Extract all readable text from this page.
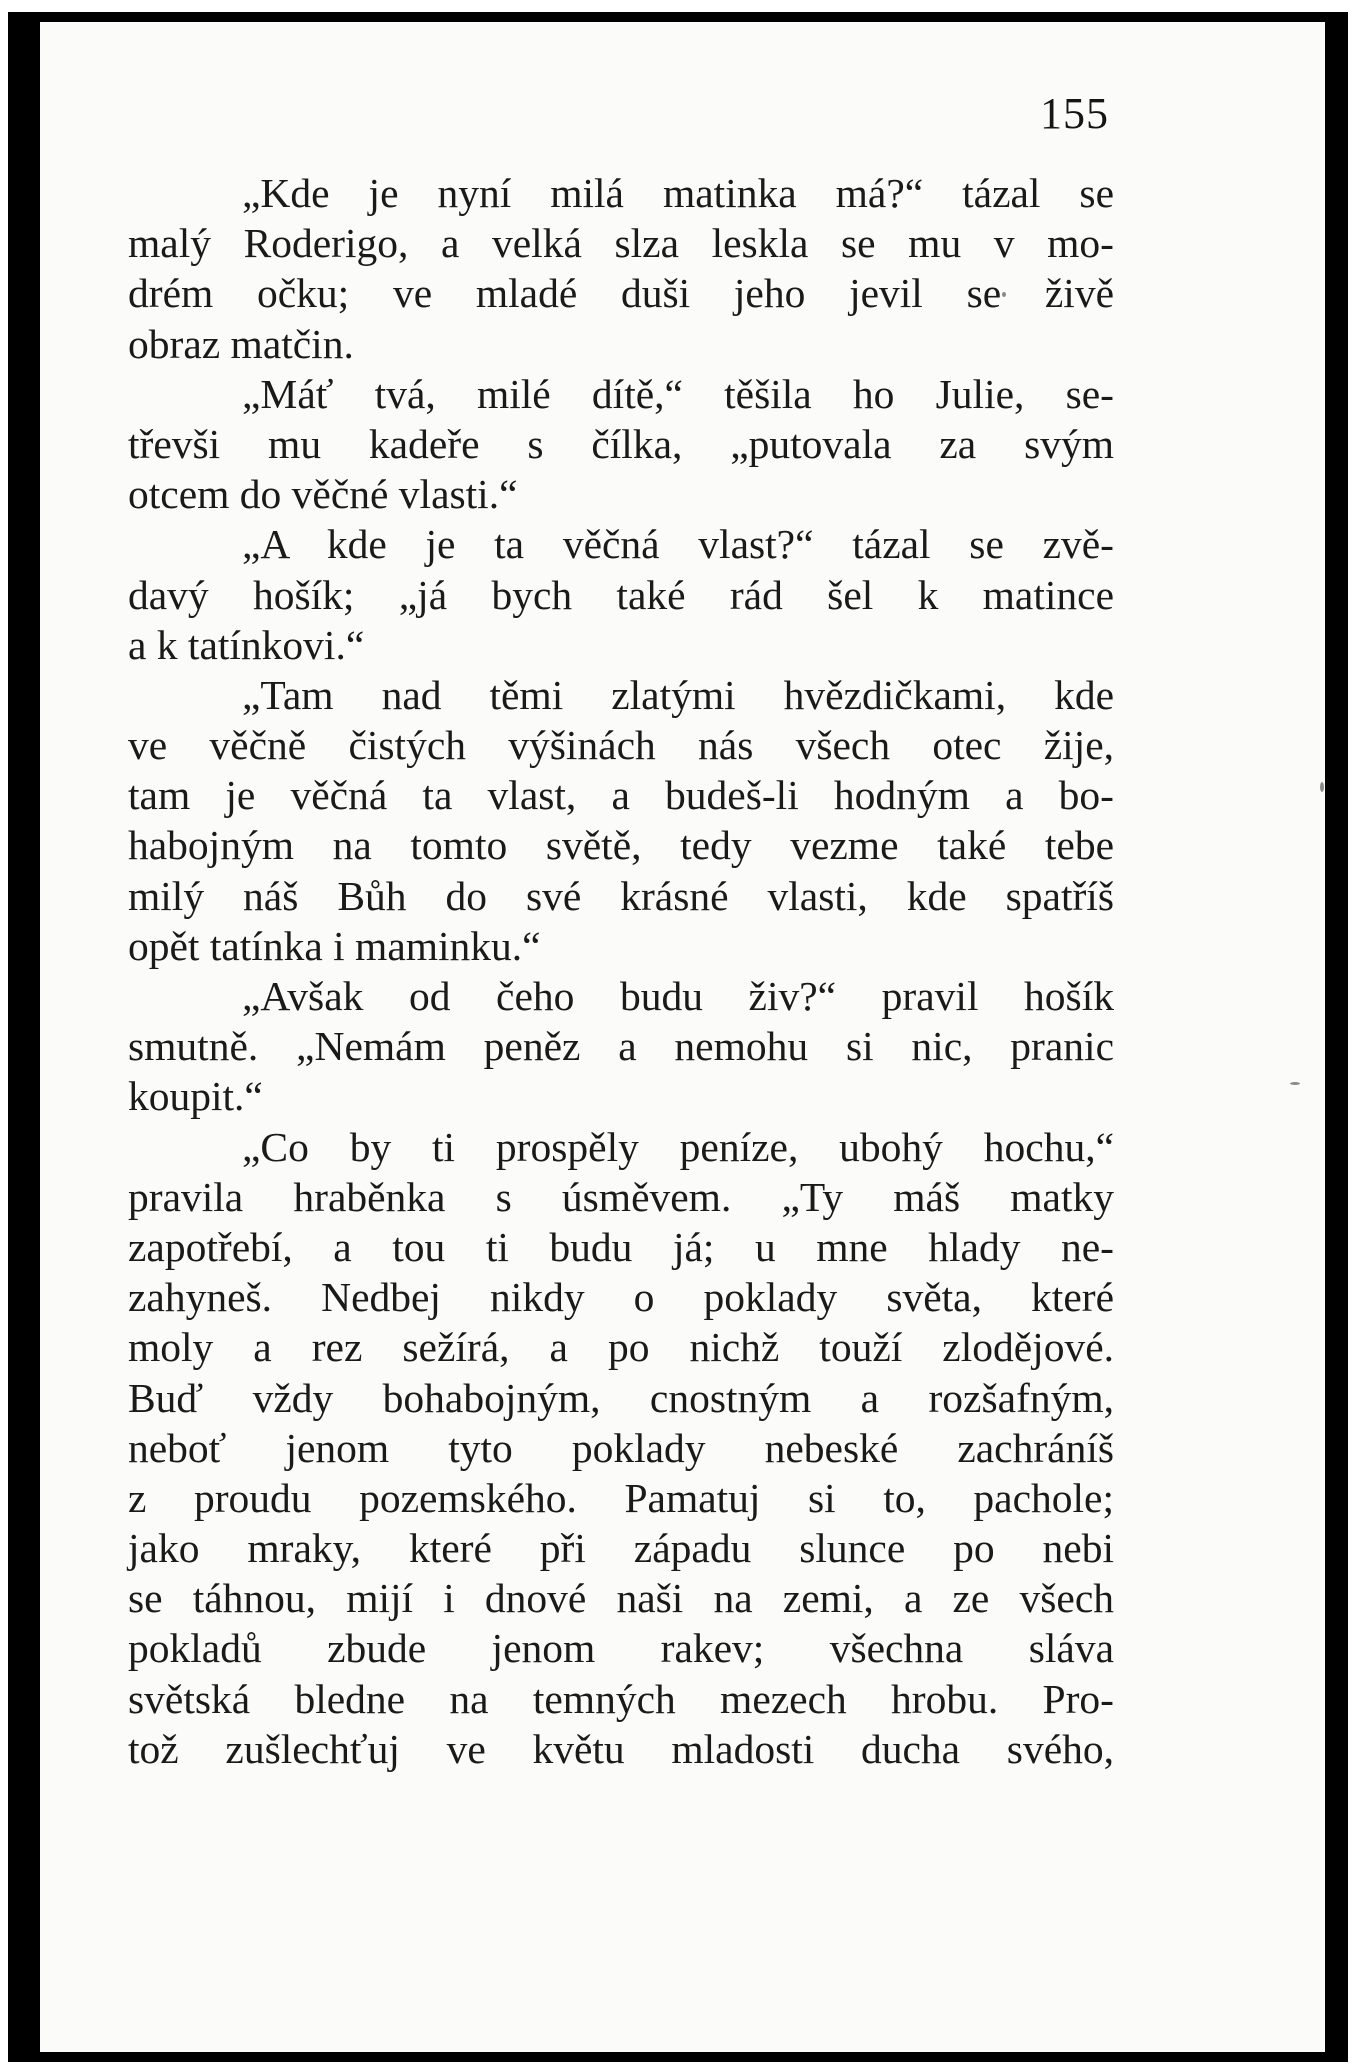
155
„Kde je nyní milá matinka má?“ tázal se
malý Roderigo, a velká slza leskla se mu v mo-
drém očku; ve mladé duši jeho jevil se živě
obraz matčin.
„Máť tvá, milé dítě,“ těšila ho Julie, se-
třevši mu kadeře s čílka, „putovala za svým
otcem do věčné vlasti.“
„A kde je ta věčná vlast?“ tázal se zvě-
davý hošík; „já bych také rád šel k matince
a k tatínkovi.“
„Tam nad těmi zlatými hvězdičkami, kde
ve věčně čistých výšinách nás všech otec žije,
tam je věčná ta vlast, a budeš-li hodným a bo-
habojným na tomto světě, tedy vezme také tebe
milý náš Bůh do své krásné vlasti, kde spatříš
opět tatínka i maminku.“
„Avšak od čeho budu živ?“ pravil hošík
smutně. „Nemám peněz a nemohu si nic, pranic
koupit.“
„Co by ti prospěly peníze, ubohý hochu,“
pravila hraběnka s úsměvem. „Ty máš matky
zapotřebí, a tou ti budu já; u mne hlady ne-
zahyneš. Nedbej nikdy o poklady světa, které
moly a rez sežírá, a po nichž touží zlodějové.
Buď vždy bohabojným, cnostným a rozšafným,
neboť jenom tyto poklady nebeské zachráníš
z proudu pozemského. Pamatuj si to, pachole;
jako mraky, které při západu slunce po nebi
se táhnou, mijí i dnové naši na zemi, a ze všech
pokladů zbude jenom rakev; všechna sláva
světská bledne na temných mezech hrobu. Pro-
tož zušlechťuj ve květu mladosti ducha svého,
